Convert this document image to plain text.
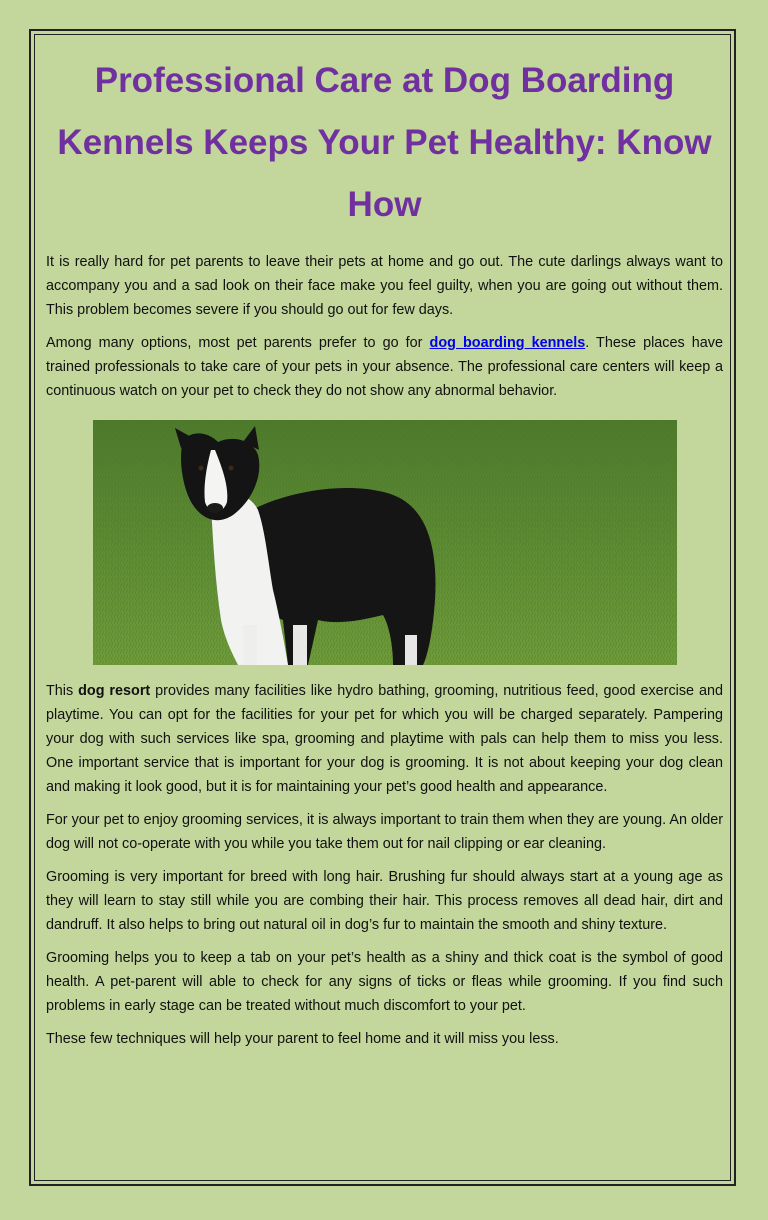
Professional Care at Dog Boarding Kennels Keeps Your Pet Healthy: Know How

It is really hard for pet parents to leave their pets at home and go out. The cute darlings always want to accompany you and a sad look on their face make you feel guilty, when you are going out without them. This problem becomes severe if you should go out for few days.

Among many options, most pet parents prefer to go for dog boarding kennels. These places have trained professionals to take care of your pets in your absence. The professional care centers will keep a continuous watch on your pet to check they do not show any abnormal behavior.

This dog resort provides many facilities like hydro bathing, grooming, nutritious feed, good exercise and playtime. You can opt for the facilities for your pet for which you will be charged separately. Pampering your dog with such services like spa, grooming and playtime with pals can help them to miss you less. One important service that is important for your dog is grooming. It is not about keeping your dog clean and making it look good, but it is for maintaining your pet’s good health and appearance.

For your pet to enjoy grooming services, it is always important to train them when they are young. An older dog will not co-operate with you while you take them out for nail clipping or ear cleaning.

Grooming is very important for breed with long hair. Brushing fur should always start at a young age as they will learn to stay still while you are combing their hair. This process removes all dead hair, dirt and dandruff. It also helps to bring out natural oil in dog’s fur to maintain the smooth and shiny texture.

Grooming helps you to keep a tab on your pet’s health as a shiny and thick coat is the symbol of good health. A pet-parent will able to check for any signs of ticks or fleas while grooming. If you find such problems in early stage can be treated without much discomfort to your pet.

These few techniques will help your parent to feel home and it will miss you less.
